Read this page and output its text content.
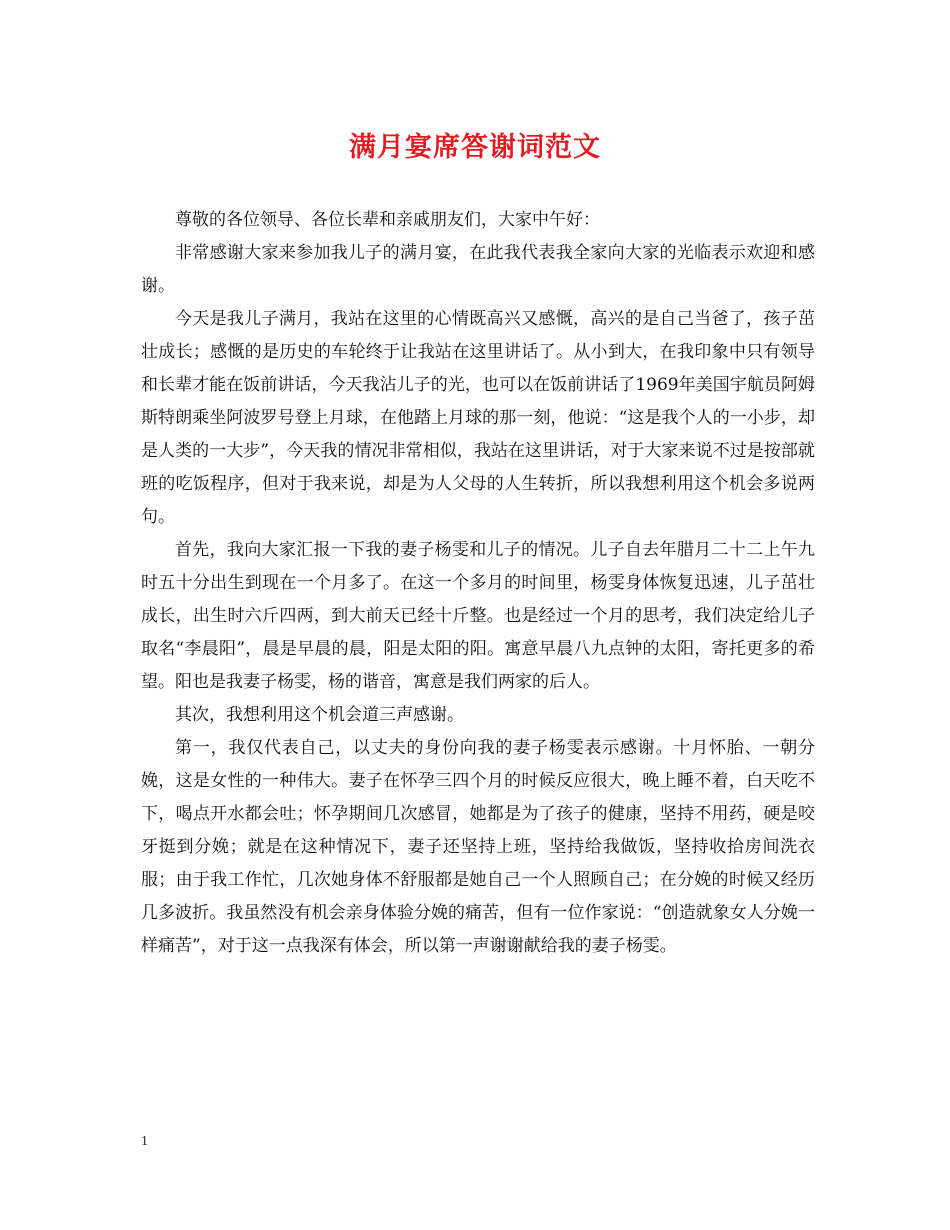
满月宴席答谢词范文

尊敬的各位领导、各位长辈和亲戚朋友们，大家中午好：

非常感谢大家来参加我儿子的满月宴，在此我代表我全家向大家的光临表示欢迎和感谢。

今天是我儿子满月，我站在这里的心情既高兴又感慨，高兴的是自己当爸了，孩子茁壮成长；感慨的是历史的车轮终于让我站在这里讲话了。从小到大，在我印象中只有领导和长辈才能在饭前讲话，今天我沾儿子的光，也可以在饭前讲话了1969年美国宇航员阿姆斯特朗乘坐阿波罗号登上月球，在他踏上月球的那一刻，他说：“这是我个人的一小步，却是人类的一大步”，今天我的情况非常相似，我站在这里讲话，对于大家来说不过是按部就班的吃饭程序，但对于我来说，却是为人父母的人生转折，所以我想利用这个机会多说两句。

首先，我向大家汇报一下我的妻子杨雯和儿子的情况。儿子自去年腊月二十二上午九时五十分出生到现在一个月多了。在这一个多月的时间里，杨雯身体恢复迅速，儿子茁壮成长，出生时六斤四两，到大前天已经十斤整。也是经过一个月的思考，我们决定给儿子取名“李晨阳”，晨是早晨的晨，阳是太阳的阳。寓意早晨八九点钟的太阳，寄托更多的希望。阳也是我妻子杨雯，杨的谐音，寓意是我们两家的后人。

其次，我想利用这个机会道三声感谢。

第一，我仅代表自己，以丈夫的身份向我的妻子杨雯表示感谢。十月怀胎、一朝分娩，这是女性的一种伟大。妻子在怀孕三四个月的时候反应很大，晚上睡不着，白天吃不下，喝点开水都会吐；怀孕期间几次感冒，她都是为了孩子的健康，坚持不用药，硬是咬牙挺到分娩；就是在这种情况下，妻子还坚持上班，坚持给我做饭，坚持收拾房间洗衣服；由于我工作忙，几次她身体不舒服都是她自己一个人照顾自己；在分娩的时候又经历几多波折。我虽然没有机会亲身体验分娩的痛苦，但有一位作家说：“创造就象女人分娩一样痛苦”，对于这一点我深有体会，所以第一声谢谢献给我的妻子杨雯。

1
